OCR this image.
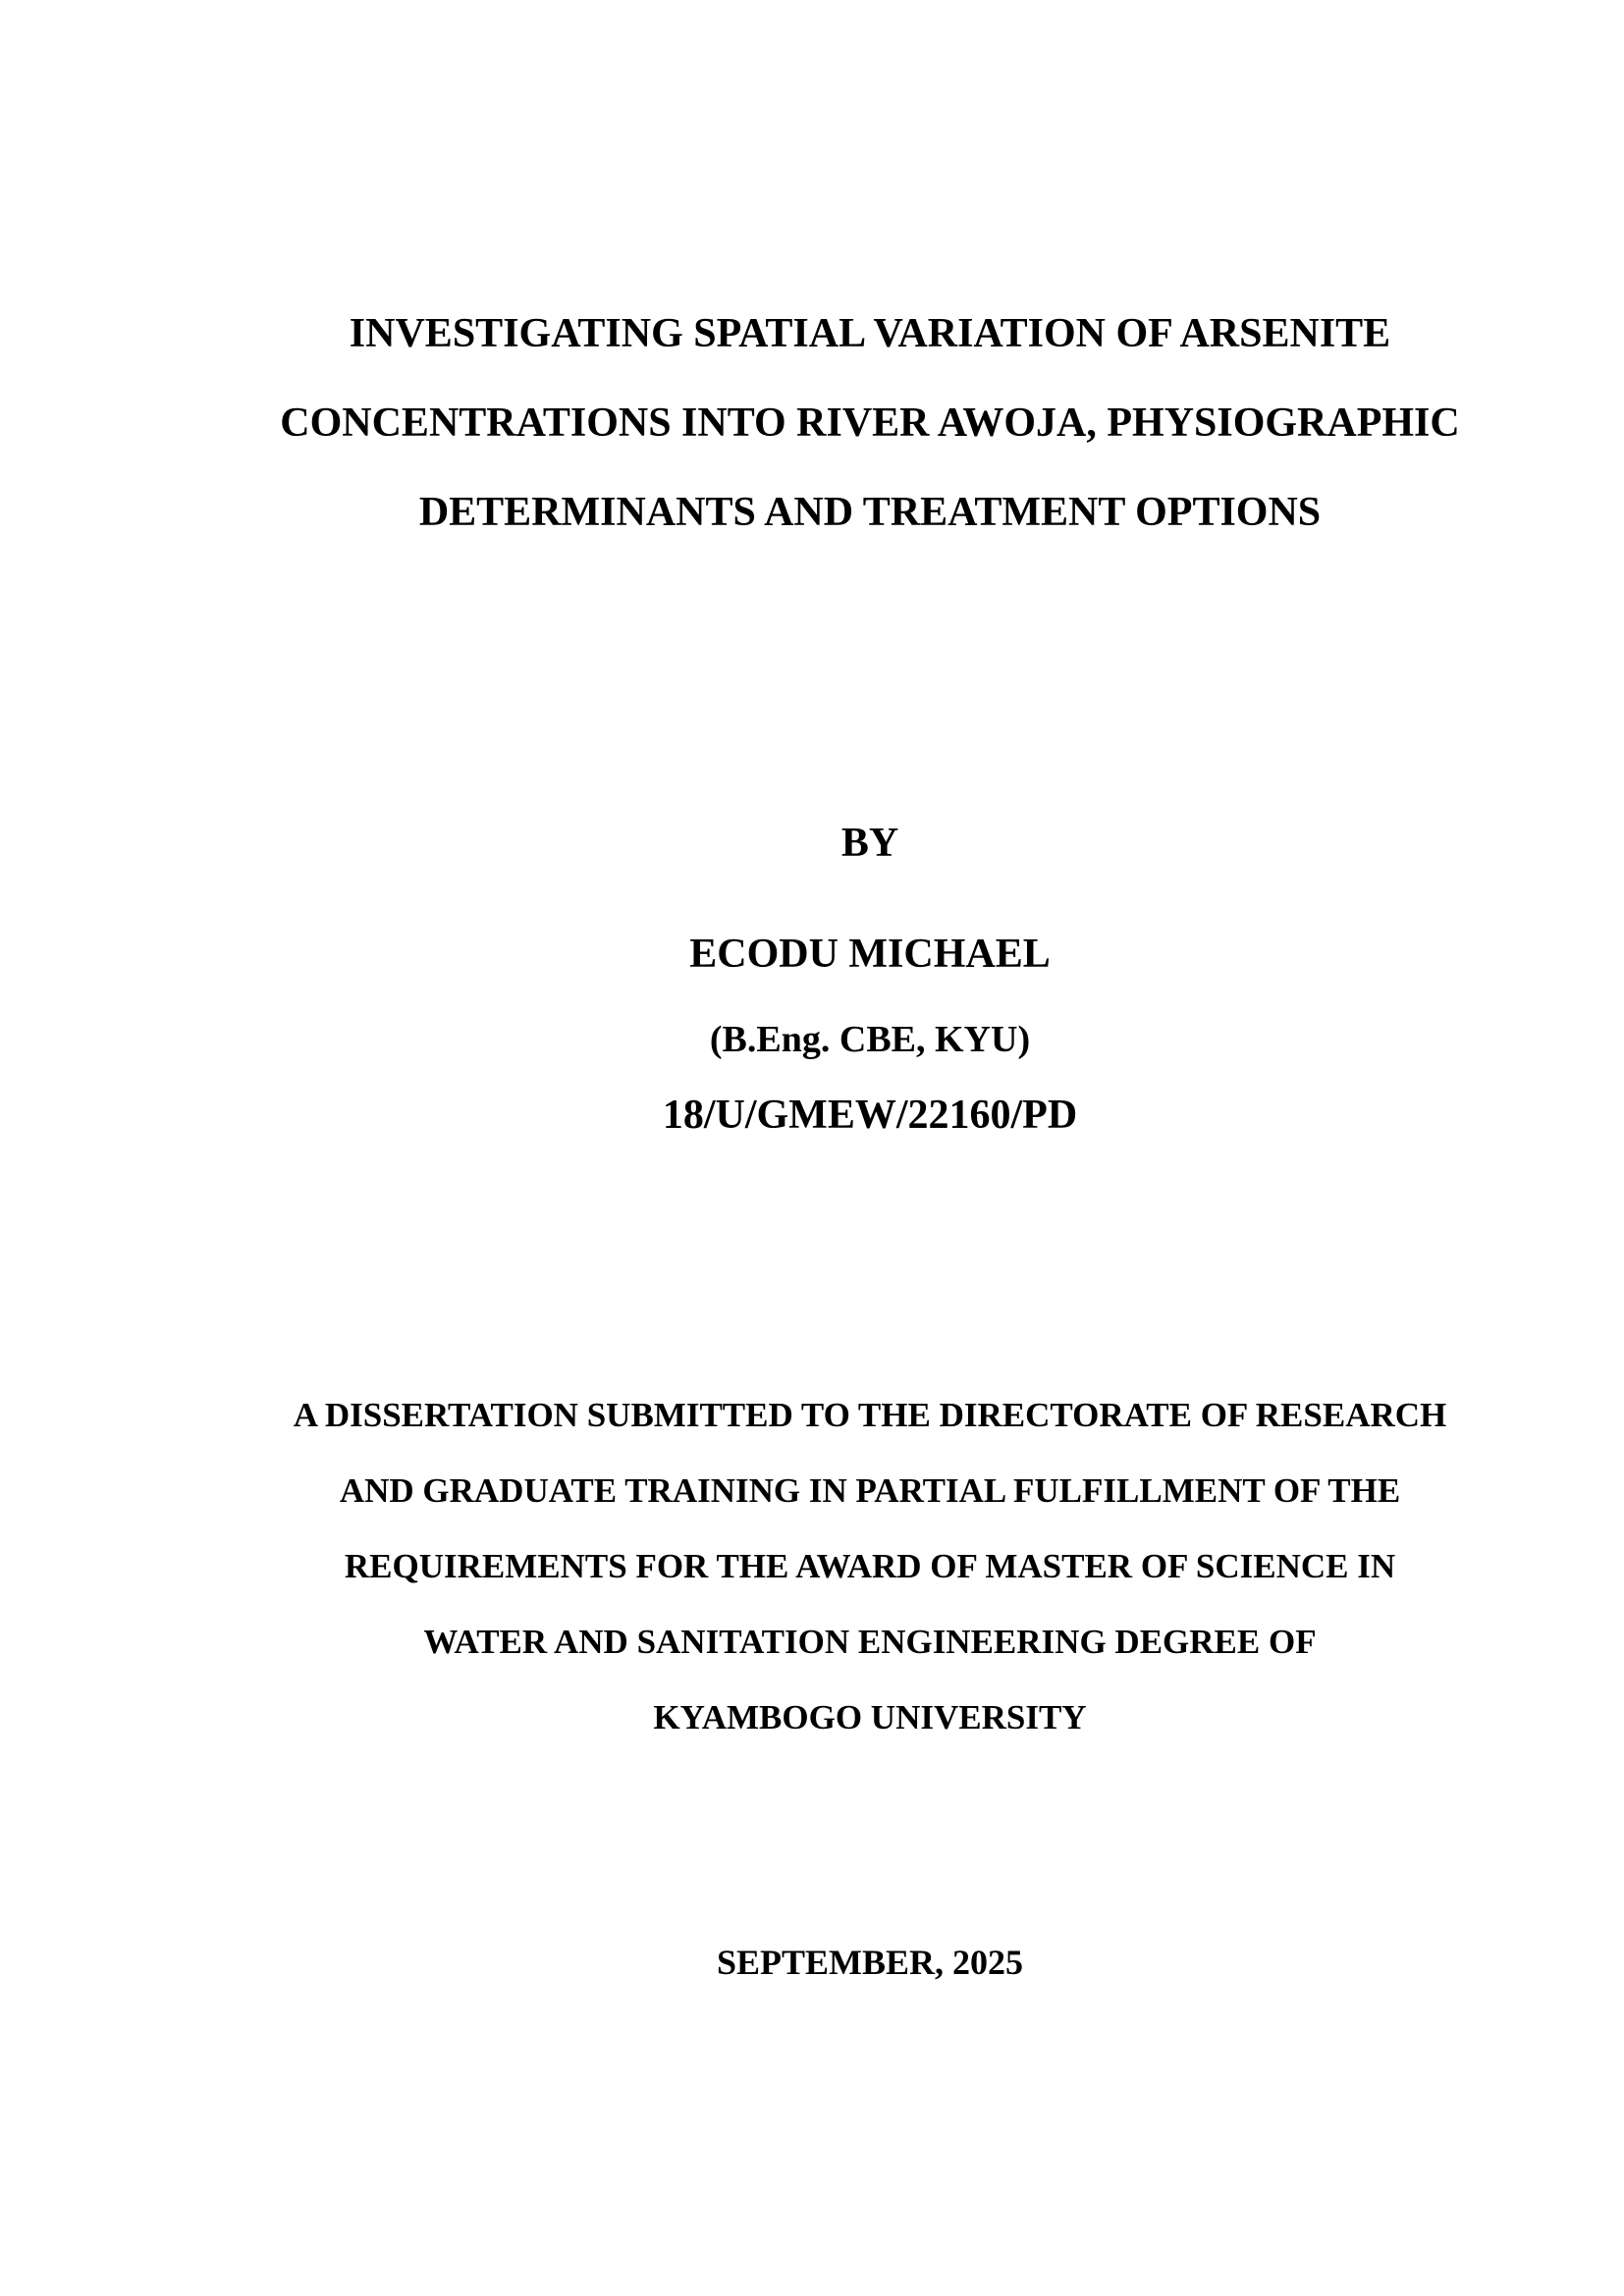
INVESTIGATING SPATIAL VARIATION OF ARSENITE
CONCENTRATIONS INTO RIVER AWOJA, PHYSIOGRAPHIC
DETERMINANTS AND TREATMENT OPTIONS
BY
ECODU MICHAEL
(B.Eng. CBE, KYU)
18/U/GMEW/22160/PD
A DISSERTATION SUBMITTED TO THE DIRECTORATE OF RESEARCH
AND GRADUATE TRAINING IN PARTIAL FULFILLMENT OF THE
REQUIREMENTS FOR THE AWARD OF MASTER OF SCIENCE IN
WATER AND SANITATION ENGINEERING DEGREE OF
KYAMBOGO UNIVERSITY
SEPTEMBER, 2025
